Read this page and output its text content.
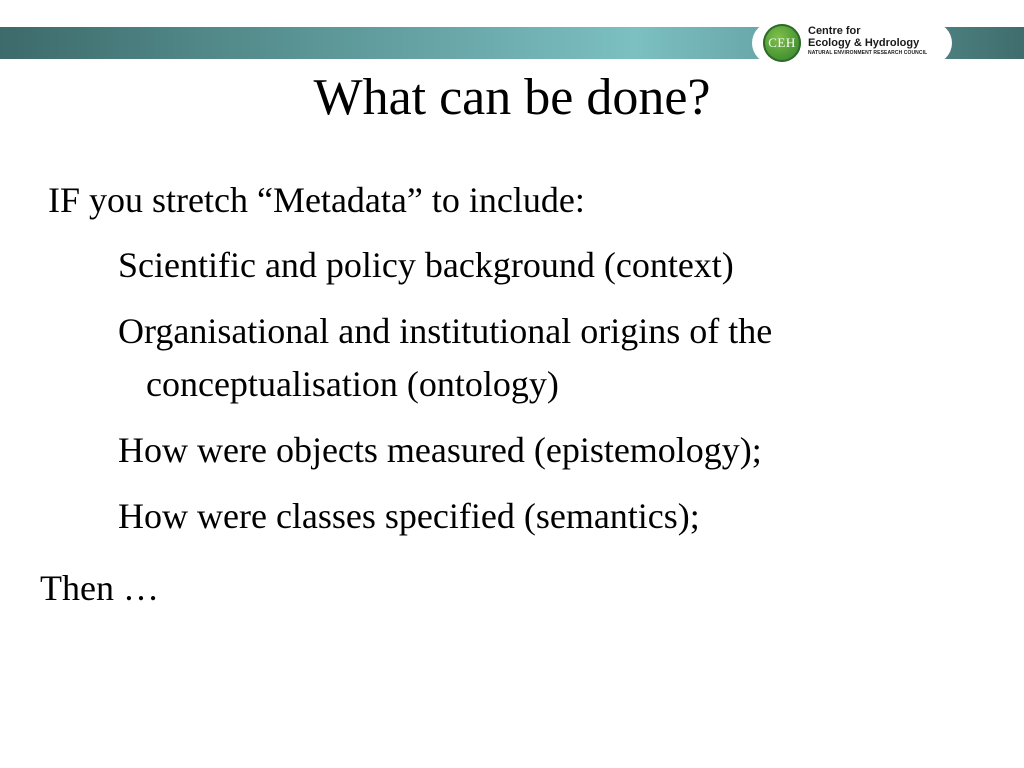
CEH
Centre for
Ecology & Hydrology
NATURAL ENVIRONMENT RESEARCH COUNCIL
What can be done?

IF you stretch “Metadata” to include:

Scientific and policy background (context)

Organisational and institutional origins of the

conceptualisation (ontology)

How were objects measured (epistemology);

How were classes specified (semantics);

Then …
